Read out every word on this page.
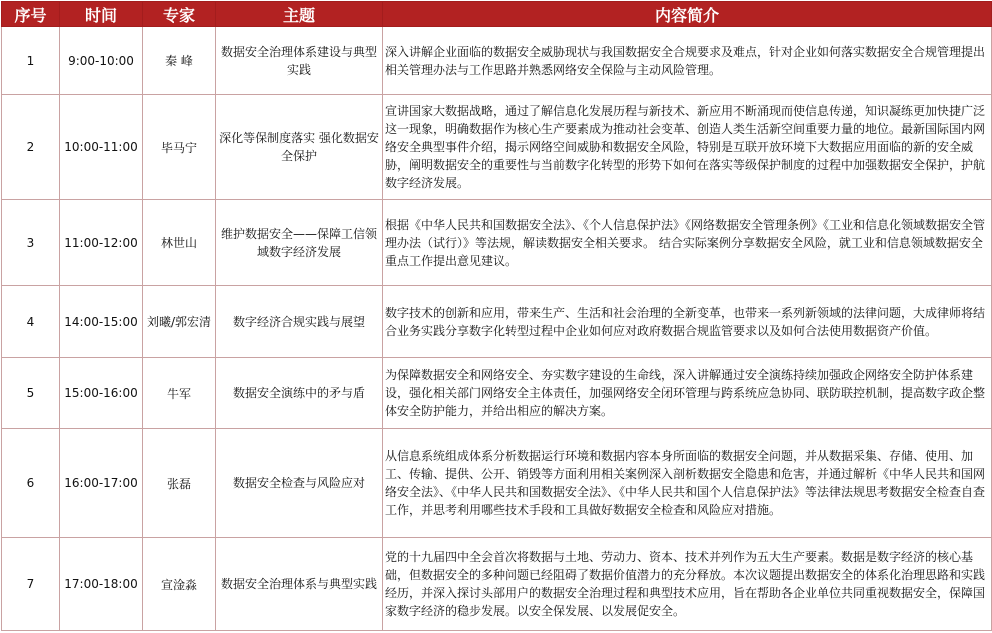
序号	时间	专家	主题	内容简介
1	9:00-10:00	秦 峰	数据安全治理体系建设与典型实践	深入讲解企业面临的数据安全威胁现状与我国数据安全合规要求及难点，针对企业如何落实数据安全合规管理提出相关管理办法与工作思路并熟悉网络安全保险与主动风险管理。
2	10:00-11:00	毕马宁	深化等保制度落实 强化数据安全保护	宣讲国家大数据战略，通过了解信息化发展历程与新技术、新应用不断涌现而使信息传递，知识凝练更加快捷广泛这一现象，明确数据作为核心生产要素成为推动社会变革、创造人类生活新空间重要力量的地位。最新国际国内网络安全典型事件介绍，揭示网络空间威胁和数据安全风险，特别是互联开放环境下大数据应用面临的新的安全威胁，阐明数据安全的重要性与当前数字化转型的形势下如何在落实等级保护制度的过程中加强数据安全保护，护航数字经济发展。
3	11:00-12:00	林世山	维护数据安全——保障工信领域数字经济发展	根据《中华人民共和国数据安全法》、《个人信息保护法》《网络数据安全管理条例》《工业和信息化领域数据安全管理办法（试行）》等法规，解读数据安全相关要求。 结合实际案例分享数据安全风险，就工业和信息领域数据安全重点工作提出意见建议。
4	14:00-15:00	刘曦/郭宏清	数字经济合规实践与展望	数字技术的创新和应用，带来生产、生活和社会治理的全新变革，也带来一系列新领域的法律问题，大成律师将结合业务实践分享数字化转型过程中企业如何应对政府数据合规监管要求以及如何合法使用数据资产价值。
5	15:00-16:00	牛军	数据安全演练中的矛与盾	为保障数据安全和网络安全、夯实数字建设的生命线，深入讲解通过安全演练持续加强政企网络安全防护体系建设，强化相关部门网络安全主体责任，加强网络安全闭环管理与跨系统应急协同、联防联控机制，提高数字政企整体安全防护能力，并给出相应的解决方案。
6	16:00-17:00	张磊	数据安全检查与风险应对	从信息系统组成体系分析数据运行环境和数据内容本身所面临的数据安全问题，并从数据采集、存储、使用、加工、传输、提供、公开、销毁等方面利用相关案例深入剖析数据安全隐患和危害，并通过解析《中华人民共和国网络安全法》、《中华人民共和国数据安全法》、《中华人民共和国个人信息保护法》等法律法规思考数据安全检查自查工作，并思考利用哪些技术手段和工具做好数据安全检查和风险应对措施。
7	17:00-18:00	宣淦淼	数据安全治理体系与典型实践	党的十九届四中全会首次将数据与土地、劳动力、资本、技术并列作为五大生产要素。数据是数字经济的核心基础，但数据安全的多种问题已经阻碍了数据价值潜力的充分释放。本次议题提出数据安全的体系化治理思路和实践经历，并深入探讨头部用户的数据安全治理过程和典型技术应用，旨在帮助各企业单位共同重视数据安全，保障国家数字经济的稳步发展。以安全保发展、以发展促安全。
